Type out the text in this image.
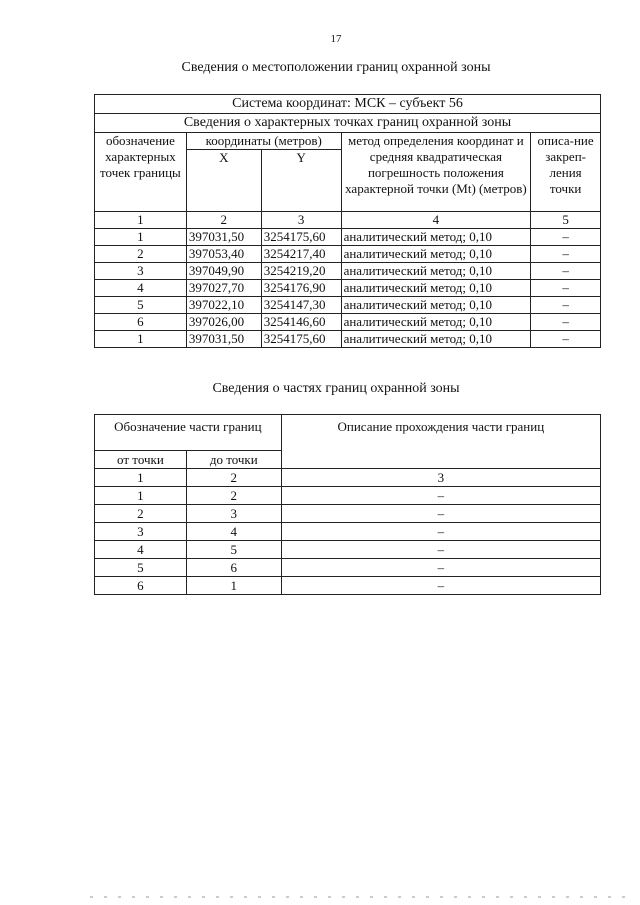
17
Сведения о местоположении границ охранной зоны
Система координат: МСК – субъект 56				
Сведения о характерных точках границ охранной зоны				
обозначение характерных точек границы	координаты (метров)		метод определения координат и средняя квадратическая погрешность положения характерной точки (Mt) (метров)	описа-ние закреп-ления точки
	X	Y		
1	2	3	4	5
1	397031,50	3254175,60	аналитический метод; 0,10	–
2	397053,40	3254217,40	аналитический метод; 0,10	–
3	397049,90	3254219,20	аналитический метод; 0,10	–
4	397027,70	3254176,90	аналитический метод; 0,10	–
5	397022,10	3254147,30	аналитический метод; 0,10	–
6	397026,00	3254146,60	аналитический метод; 0,10	–
1	397031,50	3254175,60	аналитический метод; 0,10	–
Сведения о частях границ охранной зоны
Обозначение части границ		Описание прохождения части границ
от точки	до точки	
1	2	3
1	2	–
2	3	–
3	4	–
4	5	–
5	6	–
6	1	–
